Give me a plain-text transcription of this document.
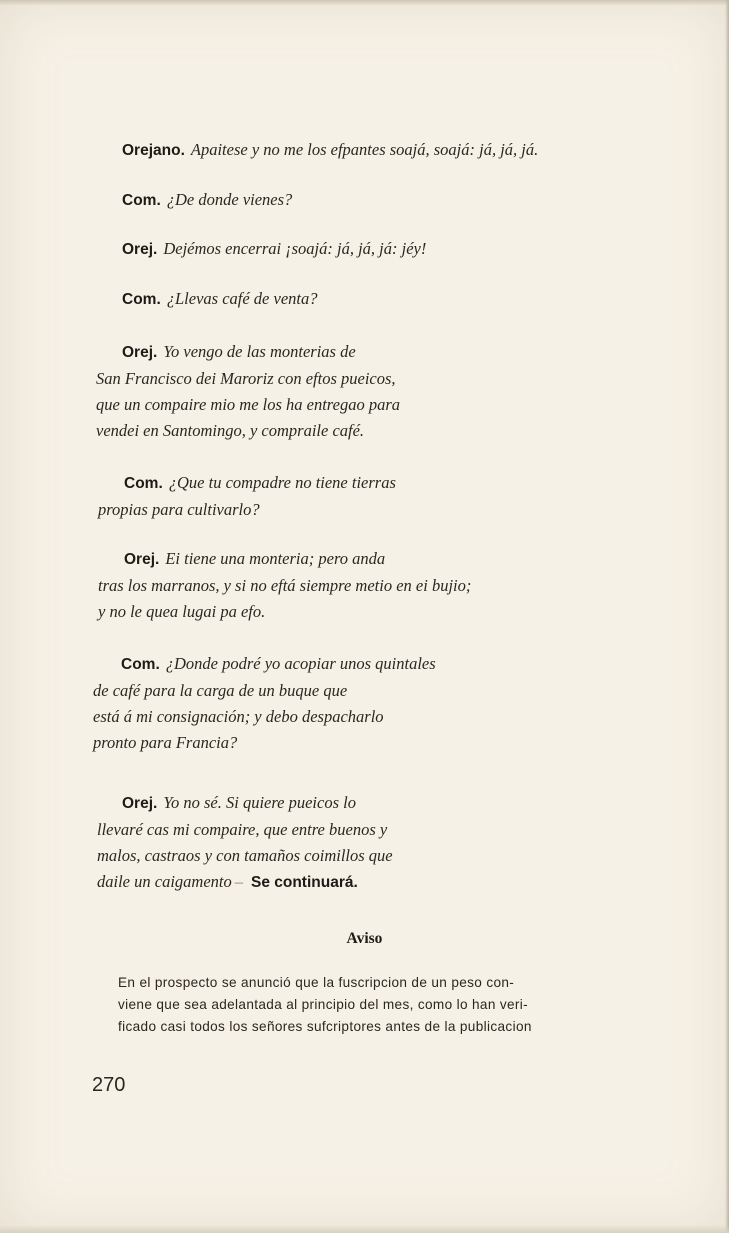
Orejano. Apaitese y no me los efpantes soajá, soajá: já, já, já.
Com. ¿De donde vienes?
Orej. Dejémos encerrai ¡soajá: já, já, já: jéy!
Com. ¿Llevas café de venta?
Orej. Yo vengo de las monterias de
San Francisco dei Maroriz con eftos pueicos,
que un compaire mio me los ha entregao para
vendei en Santomingo, y compraile café.
Com. ¿Que tu compadre no tiene tierras
propias para cultivarlo?
Orej. Ei tiene una monteria; pero anda
tras los marranos, y si no eftá siempre metio en ei bujio;
y no le quea lugai pa efo.
Com. ¿Donde podré yo acopiar unos quintales
de café para la carga de un buque que
está á mi consignación; y debo despacharlo
pronto para Francia?
Orej. Yo no sé. Si quiere pueicos lo
llevaré cas mi compaire, que entre buenos y
malos, castraos y con tamaños coimillos que
daile un caigamento – Se continuará.
Aviso
En el prospecto se anunció que la fuscripcion de un peso con-
viene que sea adelantada al principio del mes, como lo han veri-
ficado casi todos los señores sufcriptores antes de la publicacion
270
